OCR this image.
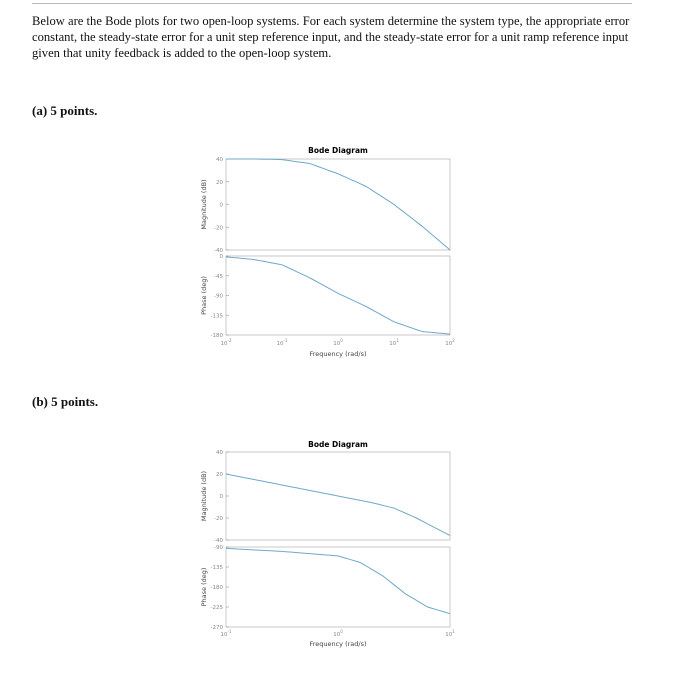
Below are the Bode plots for two open-loop systems. For each system determine the system type, the appropriate error constant, the steady-state error for a unit step reference input, and the steady-state error for a unit ramp reference input given that unity feedback is added to the open-loop system.
(a) 5 points.
(b) 5 points.
Bode Diagram
40
20
0
-20
-40
Magnitude (dB)
0
-45
-90
-135
-180
Phase (deg)
$10^{-2}$
$10^{-1}$
$10^0$
$10^1$
$10^2$
Frequency (rad/s)
Bode Diagram
40
20
0
-20
-40
Magnitude (dB)
-90
-135
-180
-225
-270
Phase (deg)
$10^{-1}$
$10^0$
$10^1$
Frequency (rad/s)
